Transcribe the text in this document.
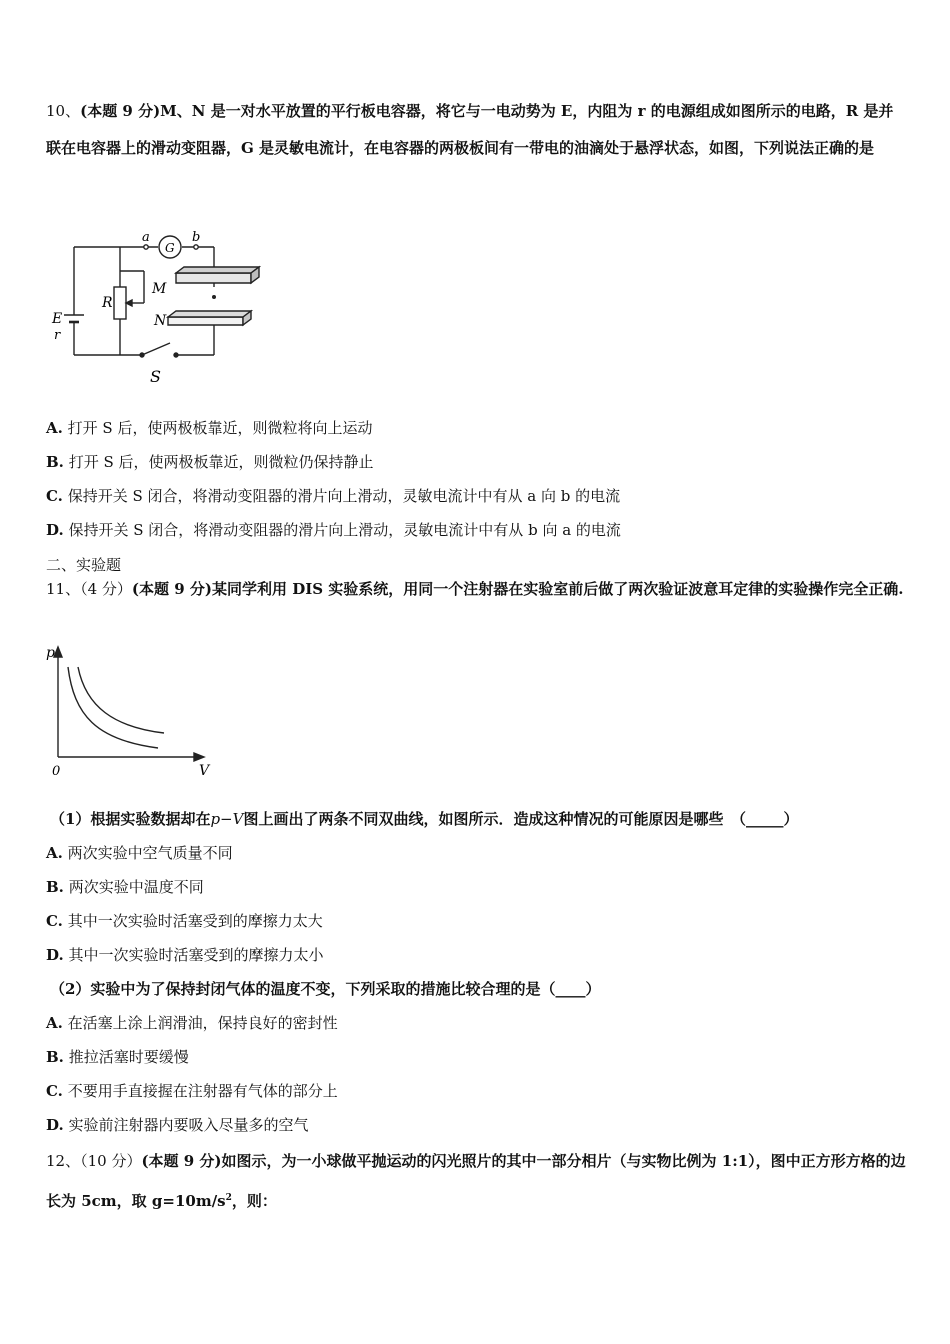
10、(本题 9 分)M、N 是一对水平放置的平行板电容器，将它与一电动势为 E，内阻为 r 的电源组成如图所示的电路，R 是并联在电容器上的滑动变阻器，G 是灵敏电流计，在电容器的两极板间有一带电的油滴处于悬浮状态，如图，下列说法正确的是
a	b
G
R
M
N
E
r
S
A. 打开 S 后，使两极板靠近，则微粒将向上运动
B. 打开 S 后，使两极板靠近，则微粒仍保持静止
C. 保持开关 S 闭合，将滑动变阻器的滑片向上滑动，灵敏电流计中有从 a 向 b 的电流
D. 保持开关 S 闭合，将滑动变阻器的滑片向上滑动，灵敏电流计中有从 b 向 a 的电流
二、实验题
11、（4 分）(本题 9 分)某同学利用 DIS 实验系统，用同一个注射器在实验室前后做了两次验证波意耳定律的实验操作完全正确.
p
V
0
（1）根据实验数据却在p−V图上画出了两条不同双曲线，如图所示．造成这种情况的可能原因是哪些　（_____）
A. 两次实验中空气质量不同
B. 两次实验中温度不同
C. 其中一次实验时活塞受到的摩擦力太大
D. 其中一次实验时活塞受到的摩擦力太小
（2）实验中为了保持封闭气体的温度不变，下列采取的措施比较合理的是（____）
A. 在活塞上涂上润滑油，保持良好的密封性
B. 推拉活塞时要缓慢
C. 不要用手直接握在注射器有气体的部分上
D. 实验前注射器内要吸入尽量多的空气
12、（10 分）(本题 9 分)如图示，为一小球做平抛运动的闪光照片的其中一部分相片（与实物比例为 1:1），图中正方形方格的边长为 5cm，取 $g=10m/s^2$，则：
